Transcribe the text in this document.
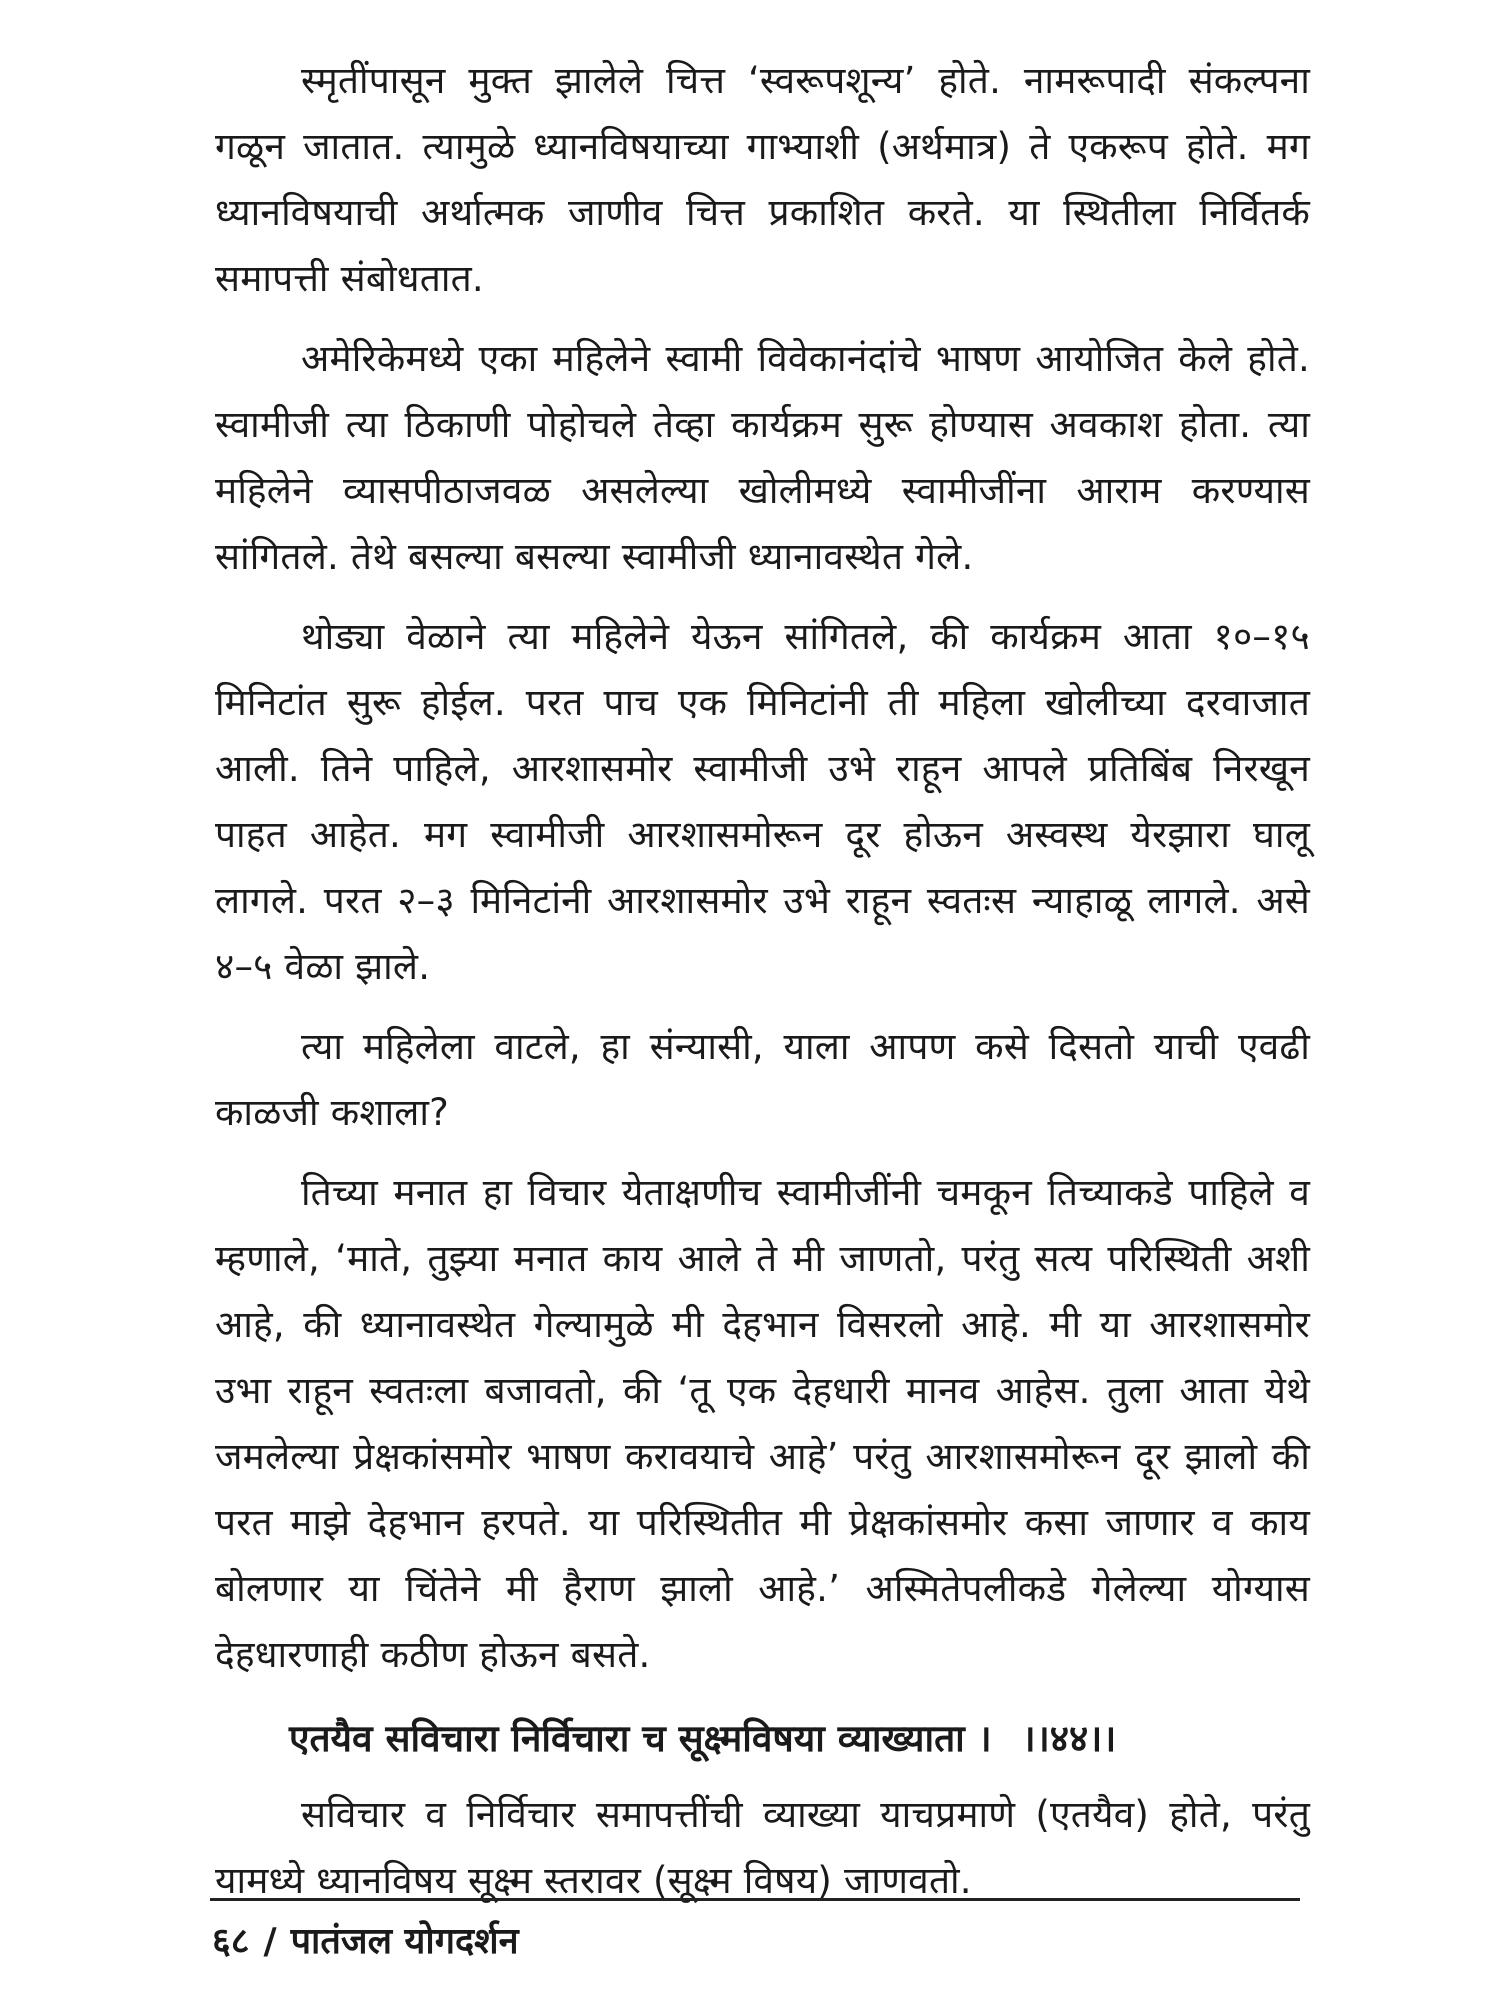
स्मृतींपासून मुक्त झालेले चित्त ‘स्वरूपशून्य’ होते. नामरूपादी संकल्पना गळून जातात. त्यामुळे ध्यानविषयाच्या गाभ्याशी (अर्थमात्र) ते एकरूप होते. मग ध्यानविषयाची अर्थात्मक जाणीव चित्त प्रकाशित करते. या स्थितीला निर्वितर्क समापत्ती संबोधतात.

अमेरिकेमध्ये एका महिलेने स्वामी विवेकानंदांचे भाषण आयोजित केले होते. स्वामीजी त्या ठिकाणी पोहोचले तेव्हा कार्यक्रम सुरू होण्यास अवकाश होता. त्या महिलेने व्यासपीठाजवळ असलेल्या खोलीमध्ये स्वामीजींना आराम करण्यास सांगितले. तेथे बसल्या बसल्या स्वामीजी ध्यानावस्थेत गेले.

थोड्या वेळाने त्या महिलेने येऊन सांगितले, की कार्यक्रम आता १०–१५ मिनिटांत सुरू होईल. परत पाच एक मिनिटांनी ती महिला खोलीच्या दरवाजात आली. तिने पाहिले, आरशासमोर स्वामीजी उभे राहून आपले प्रतिबिंब निरखून पाहत आहेत. मग स्वामीजी आरशासमोरून दूर होऊन अस्वस्थ येरझारा घालू लागले. परत २–३ मिनिटांनी आरशासमोर उभे राहून स्वतःस न्याहाळू लागले. असे ४–५ वेळा झाले.

त्या महिलेला वाटले, हा संन्यासी, याला आपण कसे दिसतो याची एवढी काळजी कशाला?

तिच्या मनात हा विचार येताक्षणीच स्वामीजींनी चमकून तिच्याकडे पाहिले व म्हणाले, ‘माते, तुझ्या मनात काय आले ते मी जाणतो, परंतु सत्य परिस्थिती अशी आहे, की ध्यानावस्थेत गेल्यामुळे मी देहभान विसरलो आहे. मी या आरशासमोर उभा राहून स्वतःला बजावतो, की ‘तू एक देहधारी मानव आहेस. तुला आता येथे जमलेल्या प्रेक्षकांसमोर भाषण करावयाचे आहे’ परंतु आरशासमोरून दूर झालो की परत माझे देहभान हरपते. या परिस्थितीत मी प्रेक्षकांसमोर कसा जाणार व काय बोलणार या चिंतेने मी हैराण झालो आहे.’ अस्मितेपलीकडे गेलेल्या योग्यास देहधारणाही कठीण होऊन बसते.

एतयैव सविचारा निर्विचारा च सूक्ष्मविषया व्याख्याता । ।।४४।।

सविचार व निर्विचार समापत्तींची व्याख्या याचप्रमाणे (एतयैव) होते, परंतु यामध्ये ध्यानविषय सूक्ष्म स्तरावर (सूक्ष्म विषय) जाणवतो.

६८ / पातंजल योगदर्शन
